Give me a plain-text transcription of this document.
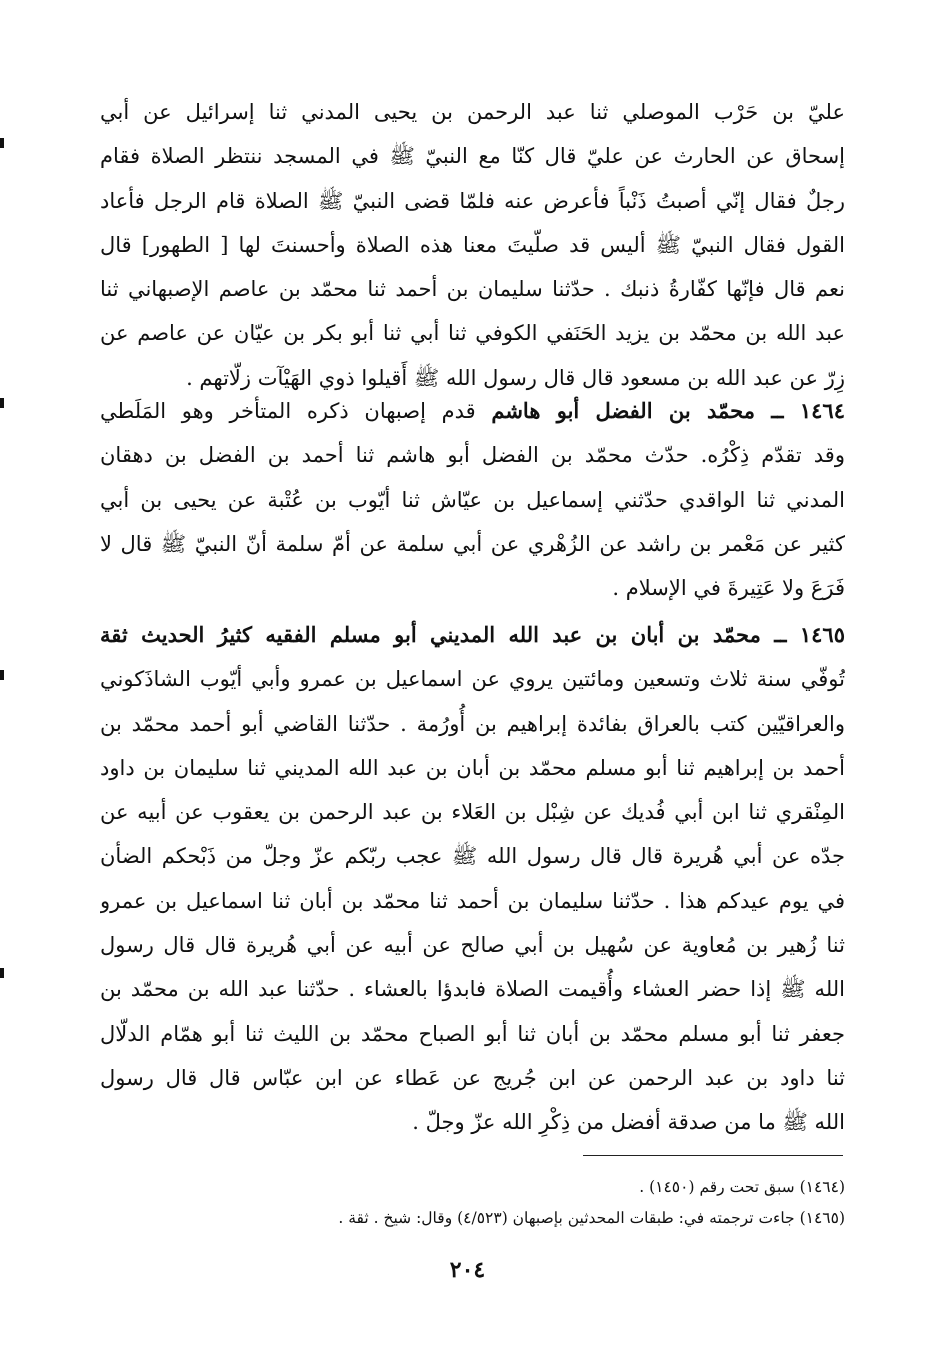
عليّ بن حَرْب الموصلي ثنا عبد الرحمن بن يحيى المدني ثنا إسرائيل عن أبي
إسحاق عن الحارث عن عليّ قال كنّا مع النبيّ ﷺ في المسجد ننتظر الصلاة فقام
رجلٌ فقال إنّي أصبتُ ذَنْباً فأعرض عنه فلمّا قضى النبيّ ﷺ الصلاة قام الرجل فأعاد
القول فقال النبيّ ﷺ أليس قد صلّيتَ معنا هذه الصلاة وأحسنتَ لها [ الطهور] قال
نعم قال فإنّها كفّارةُ ذنبك . حدّثنا سليمان بن أحمد ثنا محمّد بن عاصم الإصبهاني ثنا
عبد الله بن محمّد بن يزيد الحَنَفي الكوفي ثنا أبي ثنا أبو بكر بن عيّان عن عاصم عن
زِرّ عن عبد الله بن مسعود قال قال رسول الله ﷺ أَقيلوا ذوي الهَيْآت زلّاتهم .
١٤٦٤ ــ محمّد بن الفضل أبو هاشم قدم إصبهان ذكره المتأخر وهو المَلَطي
وقد تقدّم ذِكْرُه. حدّث محمّد بن الفضل أبو هاشم ثنا أحمد بن الفضل بن دهقان
المدني ثنا الواقدي حدّثني إسماعيل بن عيّاش ثنا أيّوب بن عُتْبة عن يحيى بن أبي
كثير عن مَعْمر بن راشد عن الزُهْري عن أبي سلمة عن أمّ سلمة أنّ النبيّ ﷺ قال لا
فَرَعَ ولا عَتِيرةَ في الإسلام .
١٤٦٥ ــ محمّد بن أبان بن عبد الله المديني أبو مسلم الفقيه كثيرُ الحديث ثقة
تُوفّي سنة ثلاث وتسعين ومائتين يروي عن اسماعيل بن عمرو وأبي أيّوب الشاذَكوني
والعراقيّين كتب بالعراق بفائدة إبراهيم بن أُورُمة . حدّثنا القاضي أبو أحمد محمّد بن
أحمد بن إبراهيم ثنا أبو مسلم محمّد بن أبان بن عبد الله المديني ثنا سليمان بن داود
المِنْقري ثنا ابن أبي فُديك عن شِبْل بن العَلاء بن عبد الرحمن بن يعقوب عن أبيه عن
جدّه عن أبي هُريرة قال قال رسول الله ﷺ عجب ربّكم عزّ وجلّ من ذَبْحكم الضأن
في يوم عيدكم هذا . حدّثنا سليمان بن أحمد ثنا محمّد بن أبان ثنا اسماعيل بن عمرو
ثنا زُهير بن مُعاوية عن سُهيل بن أبي صالح عن أبيه عن أبي هُريرة قال قال رسول
الله ﷺ إذا حضر العشاء وأُقيمت الصلاة فابدؤا بالعشاء . حدّثنا عبد الله بن محمّد بن
جعفر ثنا أبو مسلم محمّد بن أبان ثنا أبو الصباح محمّد بن الليث ثنا أبو همّام الدلّال
ثنا داود بن عبد الرحمن عن ابن جُريج عن عَطاء عن ابن عبّاس قال قال رسول
الله ﷺ ما من صدقة أفضل من ذِكْرِ الله عزّ وجلّ .
(١٤٦٤) سبق تحت رقم (١٤٥٠) .
(١٤٦٥) جاءت ترجمته في: طبقات المحدثين بإصبهان (٤/٥٢٣) وقال: شيخ . ثقة .
٢٠٤
